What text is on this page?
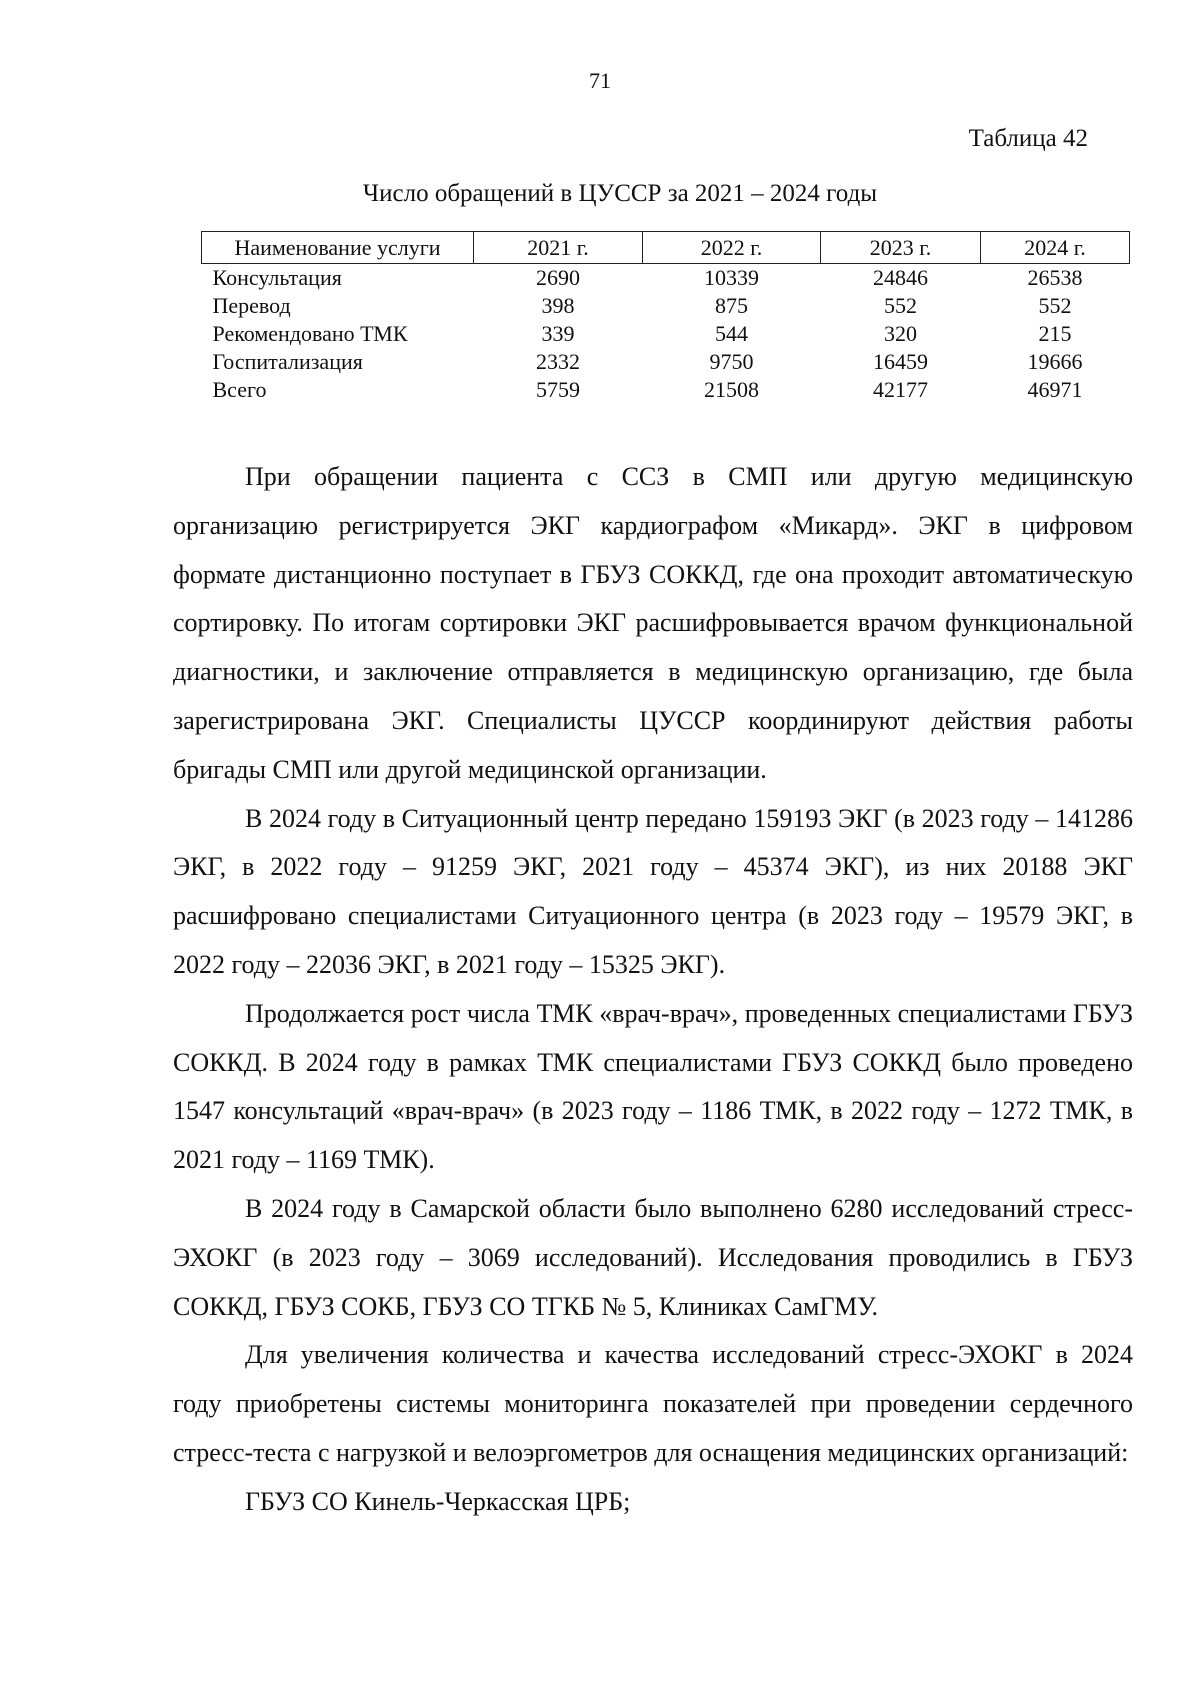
71
Таблица 42
Число обращений в ЦУССР за 2021 – 2024 годы
Наименование услуги	2021 г.	2022 г.	2023 г.	2024 г.
Консультация	2690	10339	24846	26538
Перевод	398	875	552	552
Рекомендовано ТМК	339	544	320	215
Госпитализация	2332	9750	16459	19666
Всего	5759	21508	42177	46971

При обращении пациента с ССЗ в СМП или другую медицинскую организацию регистрируется ЭКГ кардиографом «Микард». ЭКГ в цифровом формате дистанционно поступает в ГБУЗ СОККД, где она проходит автоматическую сортировку. По итогам сортировки ЭКГ расшифровывается врачом функциональной диагностики, и заключение отправляется в медицинскую организацию, где была зарегистрирована ЭКГ. Специалисты ЦУССР координируют действия работы бригады СМП или другой медицинской организации.

В 2024 году в Ситуационный центр передано 159193 ЭКГ (в 2023 году – 141286 ЭКГ, в 2022 году – 91259 ЭКГ, 2021 году – 45374 ЭКГ), из них 20188 ЭКГ расшифровано специалистами Ситуационного центра (в 2023 году – 19579 ЭКГ, в 2022 году – 22036 ЭКГ, в 2021 году – 15325 ЭКГ).

Продолжается рост числа ТМК «врач-врач», проведенных специалистами ГБУЗ СОККД. В 2024 году в рамках ТМК специалистами ГБУЗ СОККД было проведено 1547 консультаций «врач-врач» (в 2023 году – 1186 ТМК, в 2022 году – 1272 ТМК, в 2021 году – 1169 ТМК).

В 2024 году в Самарской области было выполнено 6280 исследований стресс-ЭХОКГ (в 2023 году – 3069 исследований). Исследования проводились в ГБУЗ СОККД, ГБУЗ СОКБ, ГБУЗ СО ТГКБ № 5, Клиниках СамГМУ.

Для увеличения количества и качества исследований стресс-ЭХОКГ в 2024 году приобретены системы мониторинга показателей при проведении сердечного стресс-теста с нагрузкой и велоэргометров для оснащения медицинских организаций:

ГБУЗ СО Кинель-Черкасская ЦРБ;
